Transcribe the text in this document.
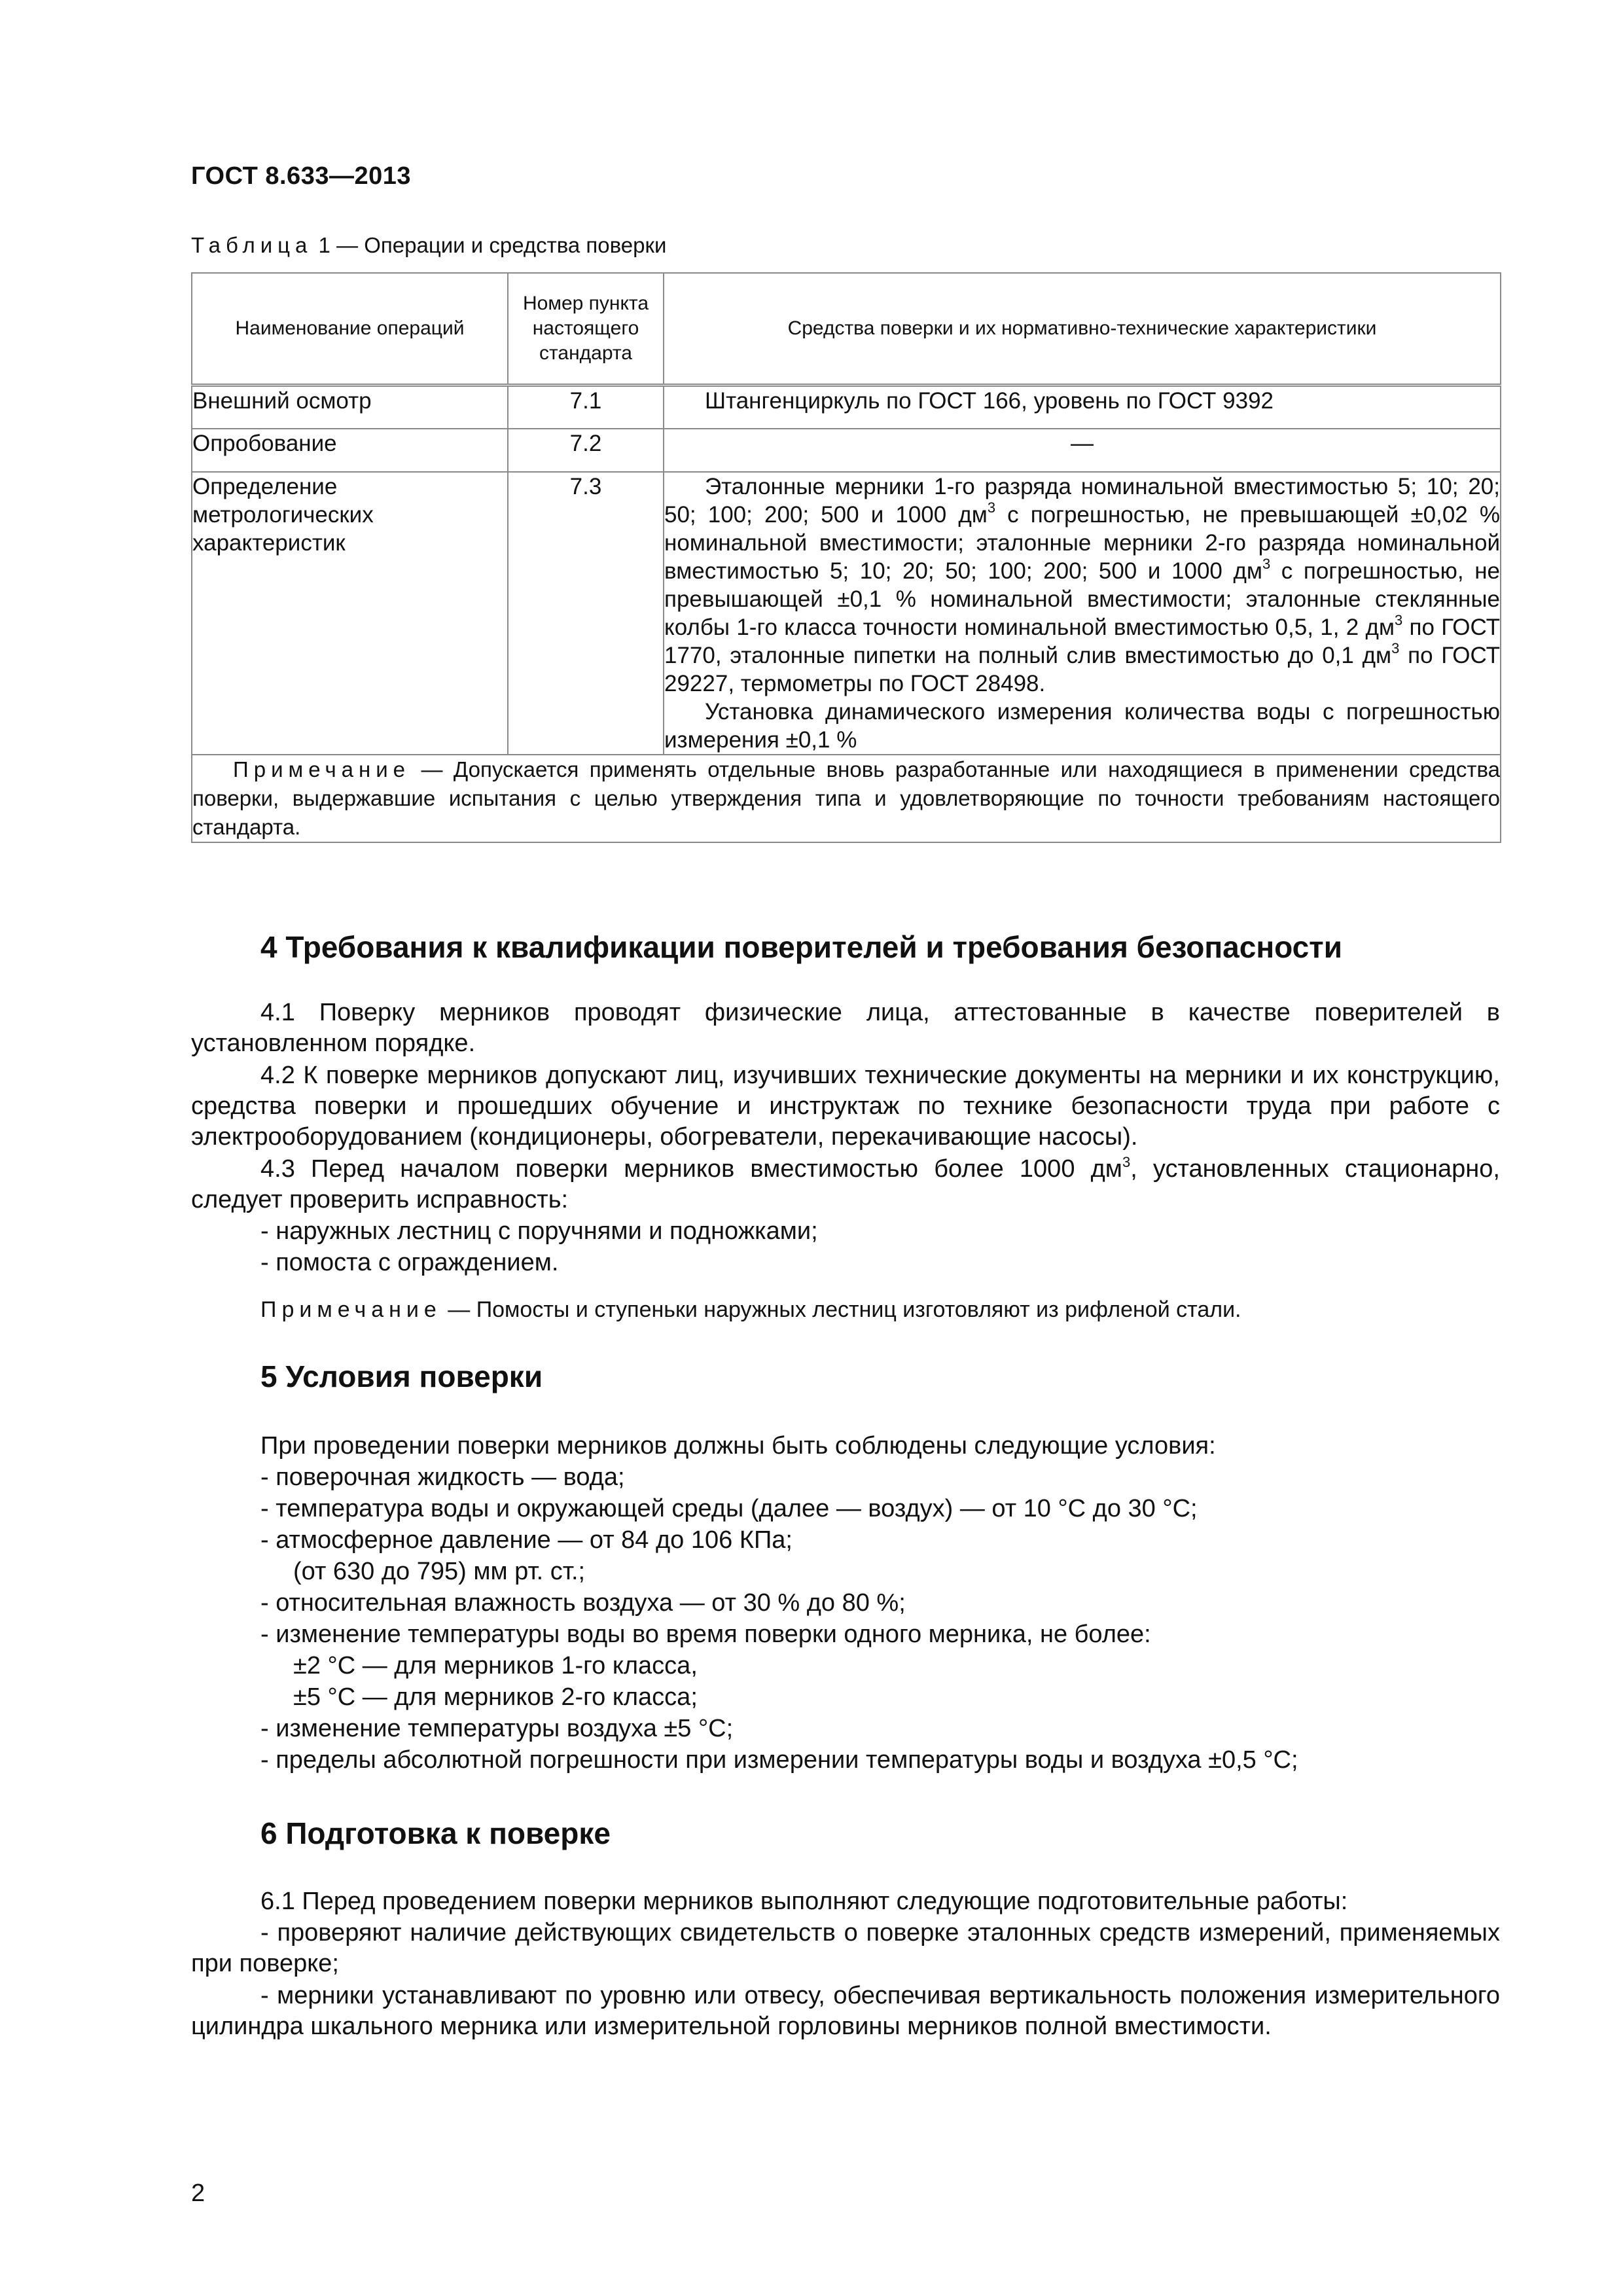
ГОСТ 8.633—2013
Таблица 1 — Операции и средства поверки
Наименование операций	Номер пункта настоящего стандарта	Средства поверки и их нормативно-технические характеристики
Внешний осмотр	7.1	Штангенциркуль по ГОСТ 166, уровень по ГОСТ 9392

Опробование	7.2	—
Определение метрологических характеристик	7.3	Эталонные мерники 1-го разряда номинальной вместимостью 5; 10; 20; 50; 100; 200; 500 и 1000 $дм^3$ с погрешностью, не превышающей ±0,02 % номинальной вместимости; эталонные мерники 2-го разряда номинальной вместимостью 5; 10; 20; 50; 100; 200; 500 и 1000 $дм^3$ с погрешностью, не превышающей ±0,1 % номинальной вместимости; эталонные стеклянные колбы 1-го класса точности номинальной вместимостью 0,5, 1, 2 $дм^3$ по ГОСТ 1770, эталонные пипетки на полный слив вместимостью до 0,1 $дм^3$ по ГОСТ 29227, термометры по ГОСТ 28498.

Установка динамического измерения количества воды с погрешностью измерения ±0,1 %

Примечание — Допускается применять отдельные вновь разработанные или находящиеся в применении средства поверки, выдержавшие испытания с целью утверждения типа и удовлетворяющие по точности требованиям настоящего стандарта.		
4 Требования к квалификации поверителей и требования безопасности
4.1 Поверку мерников проводят физические лица, аттестованные в качестве поверителей в установленном порядке.
4.2 К поверке мерников допускают лиц, изучивших технические документы на мерники и их конструкцию, средства поверки и прошедших обучение и инструктаж по технике безопасности труда при работе с электрооборудованием (кондиционеры, обогреватели, перекачивающие насосы).
4.3 Перед началом поверки мерников вместимостью более 1000 $дм^3$, установленных стационарно, следует проверить исправность:
- наружных лестниц с поручнями и подножками;
- помоста с ограждением.
Примечание — Помосты и ступеньки наружных лестниц изготовляют из рифленой стали.
5 Условия поверки
При проведении поверки мерников должны быть соблюдены следующие условия:
- поверочная жидкость — вода;
- температура воды и окружающей среды (далее — воздух) — от 10 °С до 30 °С;
- атмосферное давление — от 84 до 106 КПа;
(от 630 до 795) мм рт. ст.;
- относительная влажность воздуха — от 30 % до 80 %;
- изменение температуры воды во время поверки одного мерника, не более:
±2 °С — для мерников 1-го класса,
±5 °С — для мерников 2-го класса;
- изменение температуры воздуха ±5 °С;
- пределы абсолютной погрешности при измерении температуры воды и воздуха ±0,5 °С;
6 Подготовка к поверке
6.1 Перед проведением поверки мерников выполняют следующие подготовительные работы:
- проверяют наличие действующих свидетельств о поверке эталонных средств измерений, применяемых при поверке;
- мерники устанавливают по уровню или отвесу, обеспечивая вертикальность положения измерительного цилиндра шкального мерника или измерительной горловины мерников полной вместимости.
2
